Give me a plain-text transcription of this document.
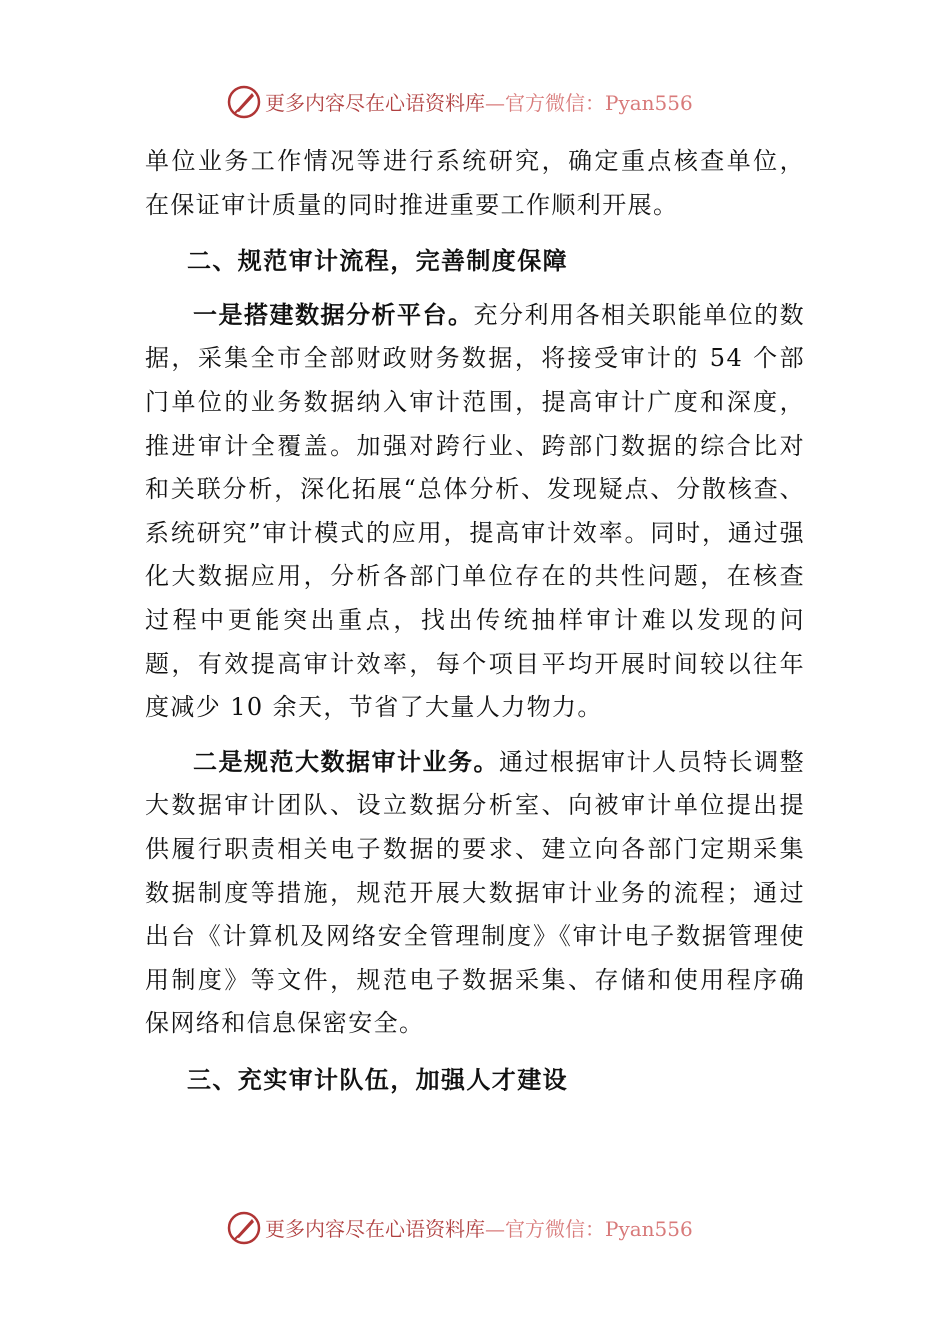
更多内容尽在心语资料库—官方微信：Pyan556

单位业务工作情况等进行系统研究，确定重点核查单位，在保证审计质量的同时推进重要工作顺利开展。

二、规范审计流程，完善制度保障

一是搭建数据分析平台。充分利用各相关职能单位的数据，采集全市全部财政财务数据，将接受审计的 54 个部门单位的业务数据纳入审计范围，提高审计广度和深度，推进审计全覆盖。加强对跨行业、跨部门数据的综合比对和关联分析，深化拓展“总体分析、发现疑点、分散核查、系统研究”审计模式的应用，提高审计效率。同时，通过强化大数据应用，分析各部门单位存在的共性问题，在核查过程中更能突出重点，找出传统抽样审计难以发现的问题，有效提高审计效率，每个项目平均开展时间较以往年度减少 10 余天，节省了大量人力物力。

二是规范大数据审计业务。通过根据审计人员特长调整大数据审计团队、设立数据分析室、向被审计单位提出提供履行职责相关电子数据的要求、建立向各部门定期采集数据制度等措施，规范开展大数据审计业务的流程；通过出台《计算机及网络安全管理制度》《审计电子数据管理使用制度》等文件，规范电子数据采集、存储和使用程序确保网络和信息保密安全。

三、充实审计队伍，加强人才建设

更多内容尽在心语资料库—官方微信：Pyan556
